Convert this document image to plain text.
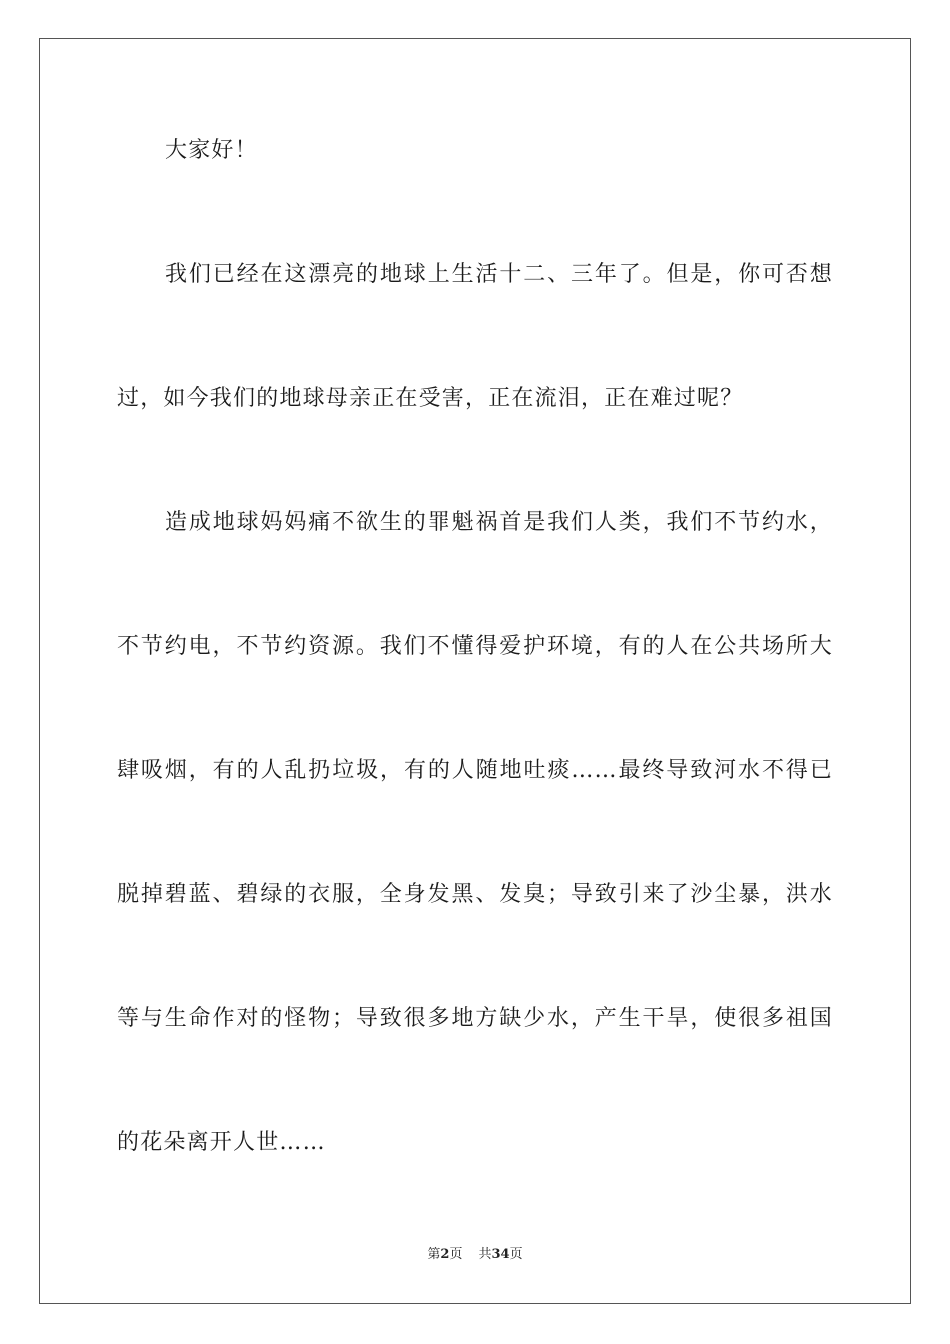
大家好！
我们已经在这漂亮的地球上生活十二、三年了。但是，你可否想
过，如今我们的地球母亲正在受害，正在流泪，正在难过呢？
造成地球妈妈痛不欲生的罪魁祸首是我们人类，我们不节约水，
不节约电，不节约资源。我们不懂得爱护环境，有的人在公共场所大
肆吸烟，有的人乱扔垃圾，有的人随地吐痰……最终导致河水不得已
脱掉碧蓝、碧绿的衣服，全身发黑、发臭；导致引来了沙尘暴，洪水
等与生命作对的怪物；导致很多地方缺少水，产生干旱，使很多祖国
的花朵离开人世……
第2页 共34页
